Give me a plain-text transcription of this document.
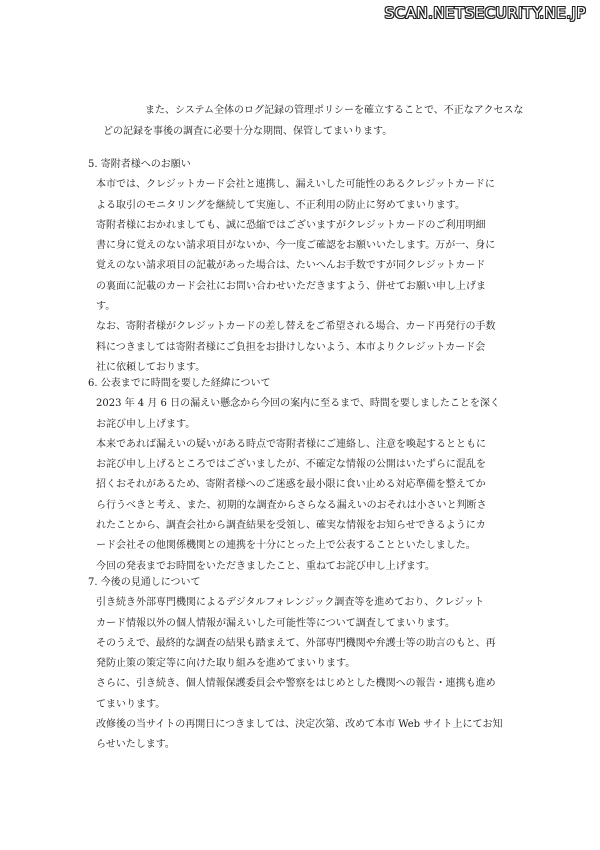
SCAN.NETSECURITY.NE.JP

また、システム全体のログ記録の管理ポリシーを確立することで、不正なアクセスな

どの記録を事後の調査に必要十分な期間、保管してまいります。

5. 寄附者様へのお願い

本市では、クレジットカード会社と連携し、漏えいした可能性のあるクレジットカードに

よる取引のモニタリングを継続して実施し、不正利用の防止に努めてまいります。

寄附者様におかれましても、誠に恐縮ではございますがクレジットカードのご利用明細

書に身に覚えのない請求項目がないか、今一度ご確認をお願いいたします。万が一、身に

覚えのない請求項目の記載があった場合は、たいへんお手数ですが同クレジットカード

の裏面に記載のカード会社にお問い合わせいただきますよう、併せてお願い申し上げま

す。

なお、寄附者様がクレジットカードの差し替えをご希望される場合、カード再発行の手数

料につきましては寄附者様にご負担をお掛けしないよう、本市よりクレジットカード会

社に依頼しております。

6. 公表までに時間を要した経緯について

2023 年 4 月 6 日の漏えい懸念から今回の案内に至るまで、時間を要しましたことを深く

お詫び申し上げます。

本来であれば漏えいの疑いがある時点で寄附者様にご連絡し、注意を喚起するとともに

お詫び申し上げるところではございましたが、不確定な情報の公開はいたずらに混乱を

招くおそれがあるため、寄附者様へのご迷惑を最小限に食い止める対応準備を整えてか

ら行うべきと考え、また、初期的な調査からさらなる漏えいのおそれは小さいと判断さ

れたことから、調査会社から調査結果を受領し、確実な情報をお知らせできるようにカ

ード会社その他関係機関との連携を十分にとった上で公表することといたしました。

今回の発表までお時間をいただきましたこと、重ねてお詫び申し上げます。

7. 今後の見通しについて

引き続き外部専門機関によるデジタルフォレンジック調査等を進めており、クレジット

カード情報以外の個人情報が漏えいした可能性等について調査してまいります。

そのうえで、最終的な調査の結果も踏まえて、外部専門機関や弁護士等の助言のもと、再

発防止策の策定等に向けた取り組みを進めてまいります。

さらに、引き続き、個人情報保護委員会や警察をはじめとした機関への報告・連携も進め

てまいります。

改修後の当サイトの再開日につきましては、決定次第、改めて本市 Web サイト上にてお知

らせいたします。
